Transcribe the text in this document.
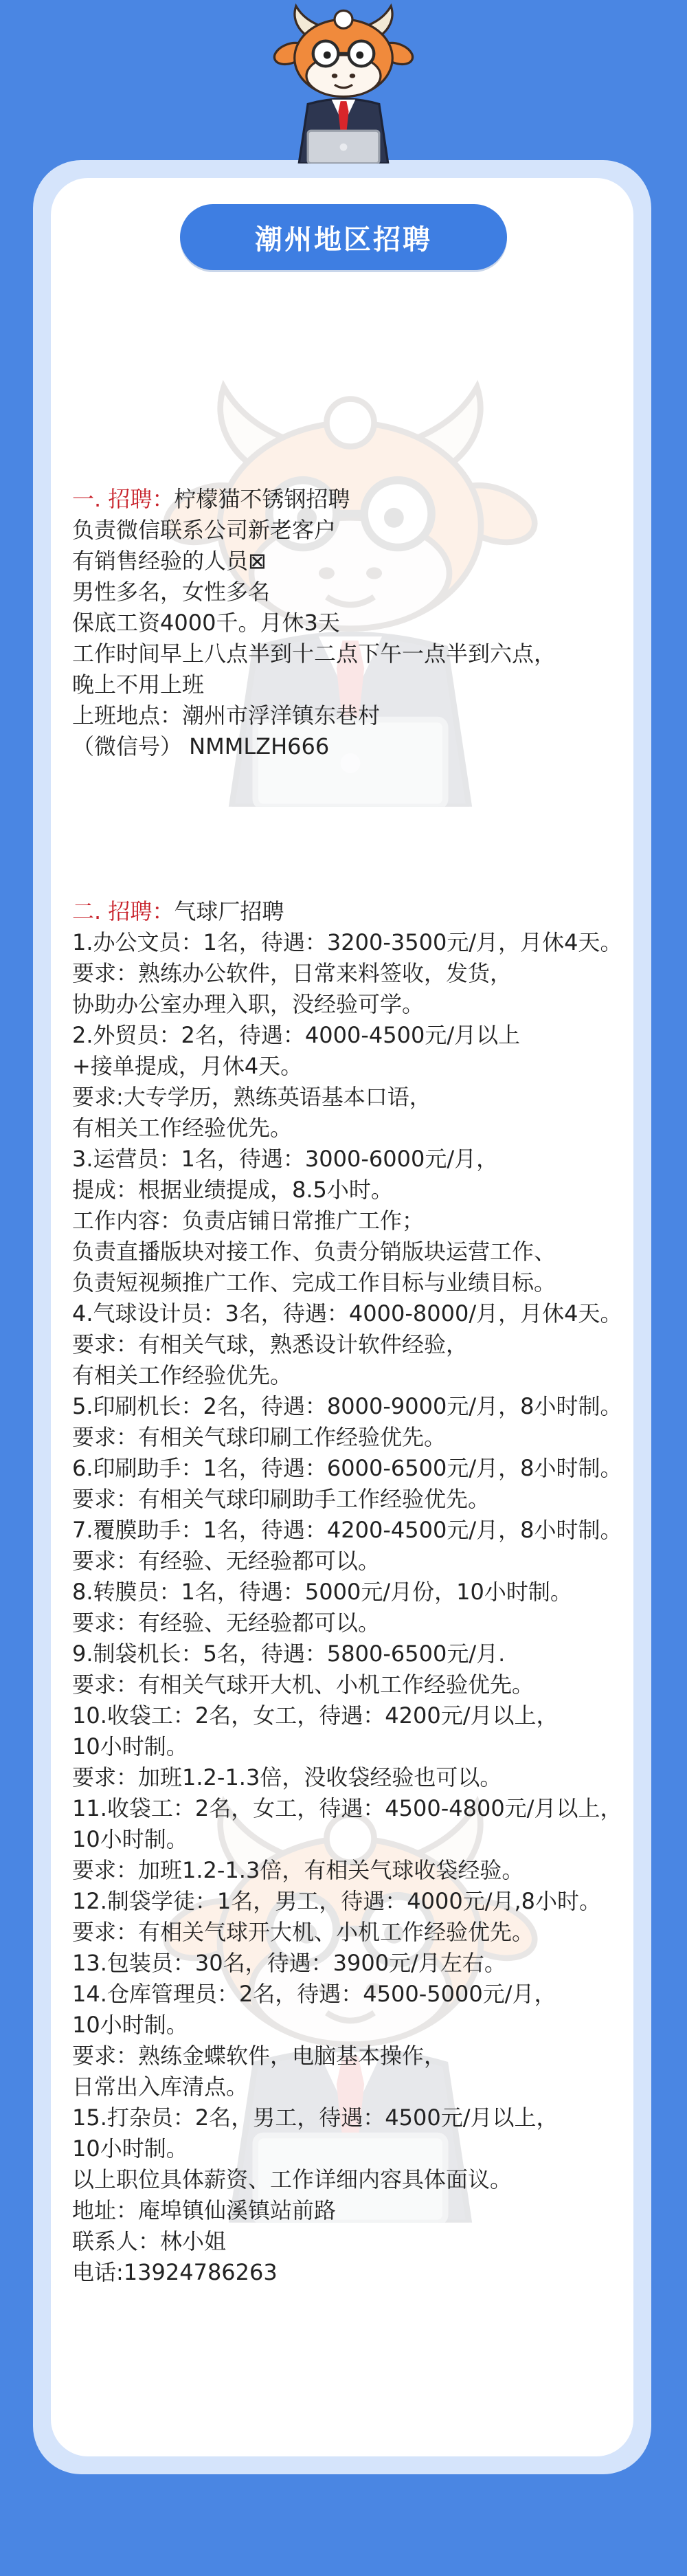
潮州地区招聘
一. 招聘：柠檬猫不锈钢招聘
负责微信联系公司新老客户
有销售经验的人员⊠
男性多名，女性多名
保底工资4000千。月休3天
工作时间早上八点半到十二点下午一点半到六点，
晚上不用上班
上班地点：潮州市浮洋镇东巷村
（微信号） NMMLZH666
二. 招聘：气球厂招聘
1.办公文员：1名，待遇：3200-3500元/月，月休4天。
要求：熟练办公软件，日常来料签收，发货，
协助办公室办理入职，没经验可学。
2.外贸员：2名，待遇：4000-4500元/月以上
+接单提成，月休4天。
要求:大专学历，熟练英语基本口语，
有相关工作经验优先。
3.运营员：1名，待遇：3000-6000元/月，
提成：根据业绩提成，8.5小时。
工作内容：负责店铺日常推广工作；
负责直播版块对接工作、负责分销版块运营工作、
负责短视频推广工作、完成工作目标与业绩目标。
4.气球设计员：3名，待遇：4000-8000/月，月休4天。
要求：有相关气球，熟悉设计软件经验，
有相关工作经验优先。
5.印刷机长：2名，待遇：8000-9000元/月，8小时制。
要求：有相关气球印刷工作经验优先。
6.印刷助手：1名，待遇：6000-6500元/月，8小时制。
要求：有相关气球印刷助手工作经验优先。
7.覆膜助手：1名，待遇：4200-4500元/月，8小时制。
要求：有经验、无经验都可以。
8.转膜员：1名，待遇：5000元/月份，10小时制。
要求：有经验、无经验都可以。
9.制袋机长：5名，待遇：5800-6500元/月.
要求：有相关气球开大机、小机工作经验优先。
10.收袋工：2名，女工，待遇：4200元/月以上，
10小时制。
要求：加班1.2-1.3倍，没收袋经验也可以。
11.收袋工：2名，女工，待遇：4500-4800元/月以上，
10小时制。
要求：加班1.2-1.3倍，有相关气球收袋经验。
12.制袋学徒：1名，男工，待遇：4000元/月,8小时。
要求：有相关气球开大机、小机工作经验优先。
13.包装员：30名，待遇：3900元/月左右。
14.仓库管理员：2名，待遇：4500-5000元/月，
10小时制。
要求：熟练金蝶软件，电脑基本操作，
日常出入库清点。
15.打杂员：2名，男工，待遇：4500元/月以上，
10小时制。
以上职位具体薪资、工作详细内容具体面议。
地址：庵埠镇仙溪镇站前路
联系人：林小姐
电话:13924786263
